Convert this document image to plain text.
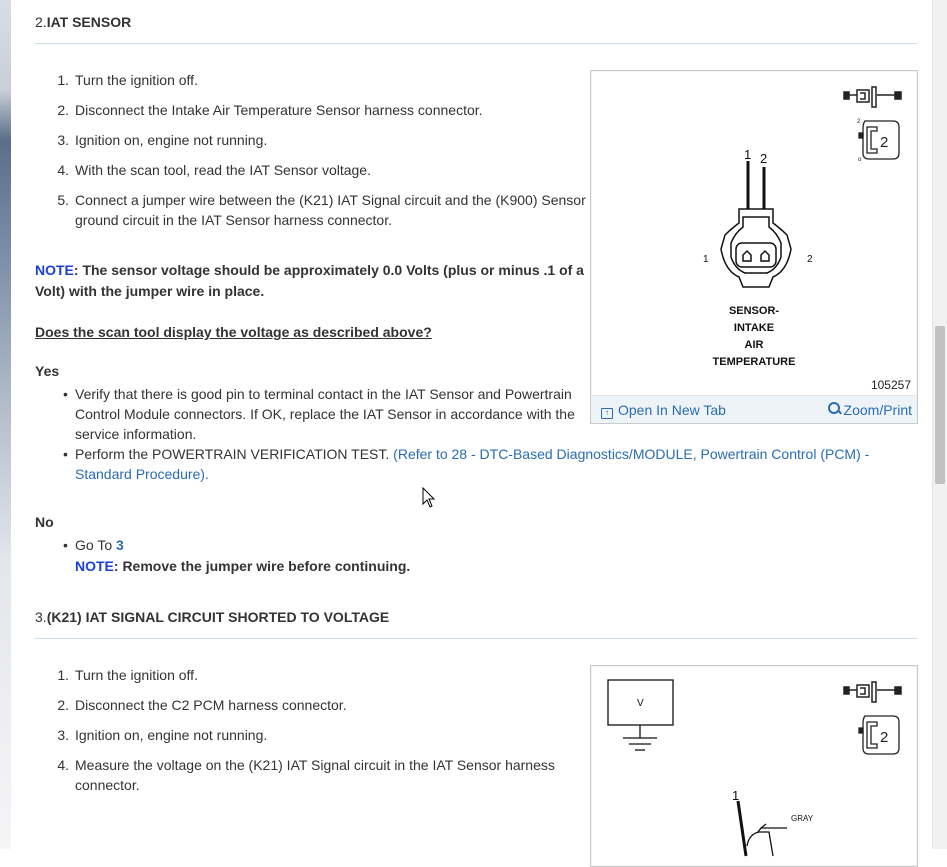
2.IAT SENSOR
1. Turn the ignition off.
2. Disconnect the Intake Air Temperature Sensor harness connector.
3. Ignition on, engine not running.
4. With the scan tool, read the IAT Sensor voltage.
5. Connect a jumper wire between the (K21) IAT Signal circuit and the (K900) Sensor ground circuit in the IAT Sensor harness connector.
NOTE: The sensor voltage should be approximately 0.0 Volts (plus or minus .1 of a Volt) with the jumper wire in place.
Does the scan tool display the voltage as described above?
Yes
• Verify that there is good pin to terminal contact in the IAT Sensor and Powertrain Control Module connectors. If OK, replace the IAT Sensor in accordance with the service information.
• Perform the POWERTRAIN VERIFICATION TEST. (Refer to 28 - DTC-Based Diagnostics/MODULE, Powertrain Control (PCM) - Standard Procedure).
No
• Go To 3
NOTE: Remove the jumper wire before continuing.
3.(K21) IAT SIGNAL CIRCUIT SHORTED TO VOLTAGE
1. Turn the ignition off.
2. Disconnect the C2 PCM harness connector.
3. Ignition on, engine not running.
4. Measure the voltage on the (K21) IAT Signal circuit in the IAT Sensor harness connector.
2
o
2
1 2
1	2
SENSOR-
INTAKE
AIR
TEMPERATURE
105257
↑ Open In New Tab	Zoom/Print
V
2
1
GRAY
